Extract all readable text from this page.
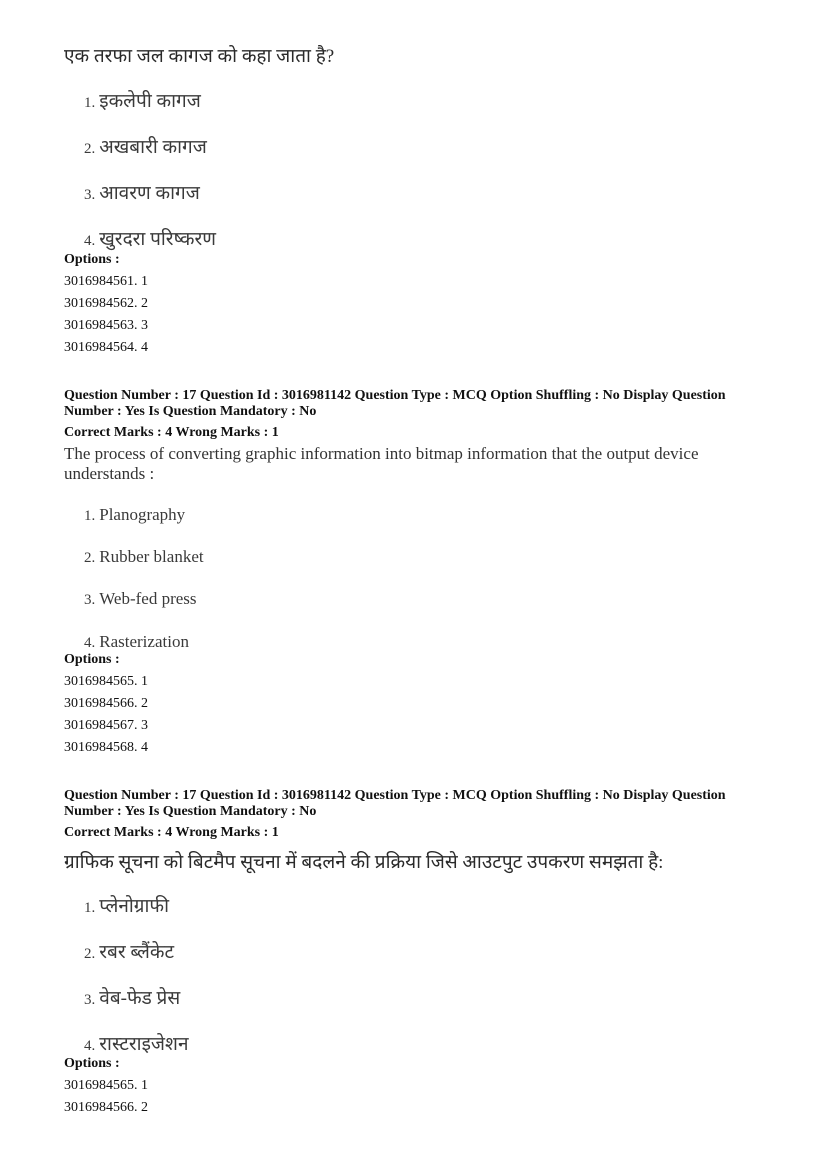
एक तरफा जल कागज को कहा जाता है?
1. इकलेपी कागज
2. अखबारी कागज
3. आवरण कागज
4. खुरदरा परिष्करण
Options :
3016984561. 1
3016984562. 2
3016984563. 3
3016984564. 4
Question Number : 17 Question Id : 3016981142 Question Type : MCQ Option Shuffling : No Display Question
Number : Yes Is Question Mandatory : No
Correct Marks : 4 Wrong Marks : 1
The process of converting graphic information into bitmap information that the output device understands :
1. Planography
2. Rubber blanket
3. Web-fed press
4. Rasterization
Options :
3016984565. 1
3016984566. 2
3016984567. 3
3016984568. 4
Question Number : 17 Question Id : 3016981142 Question Type : MCQ Option Shuffling : No Display Question
Number : Yes Is Question Mandatory : No
Correct Marks : 4 Wrong Marks : 1
ग्राफिक सूचना को बिटमैप सूचना में बदलने की प्रक्रिया जिसे आउटपुट उपकरण समझता है:
1. प्लेनोग्राफी
2. रबर ब्लैंकेट
3. वेब-फेड प्रेस
4. रास्टराइजेशन
Options :
3016984565. 1
3016984566. 2
